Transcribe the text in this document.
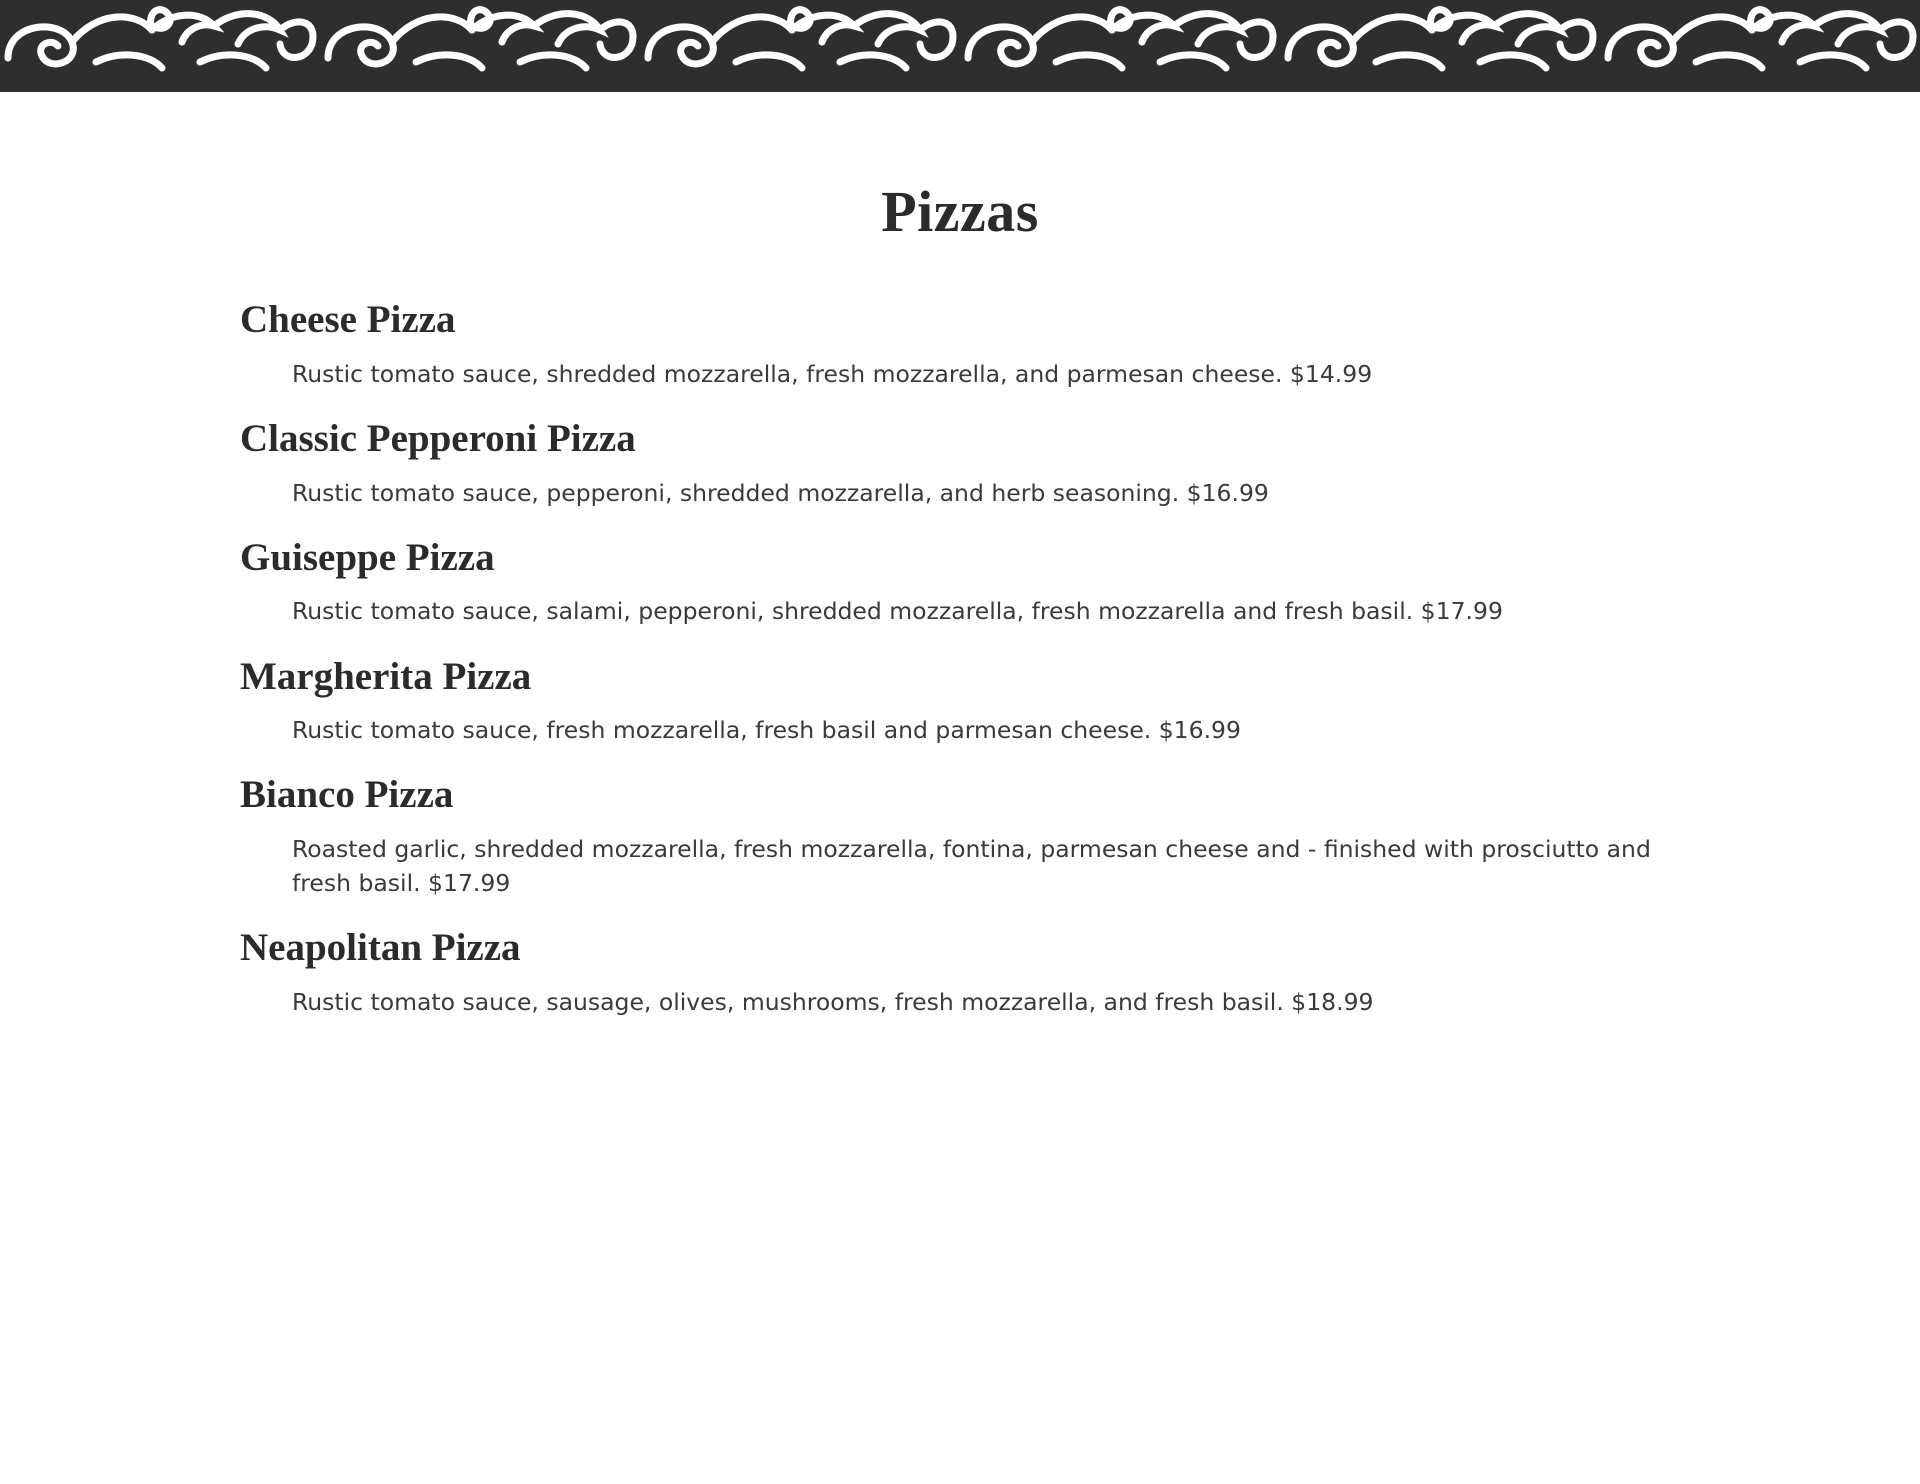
Pizzas
Cheese Pizza

Rustic tomato sauce, shredded mozzarella, fresh mozzarella, and parmesan cheese. $14.99

Classic Pepperoni Pizza

Rustic tomato sauce, pepperoni, shredded mozzarella, and herb seasoning. $16.99

Guiseppe Pizza

Rustic tomato sauce, salami, pepperoni, shredded mozzarella, fresh mozzarella and fresh basil. $17.99

Margherita Pizza

Rustic tomato sauce, fresh mozzarella, fresh basil and parmesan cheese. $16.99

Bianco Pizza

Roasted garlic, shredded mozzarella, fresh mozzarella, fontina, parmesan cheese and - finished with prosciutto and fresh basil. $17.99

Neapolitan Pizza

Rustic tomato sauce, sausage, olives, mushrooms, fresh mozzarella, and fresh basil. $18.99
